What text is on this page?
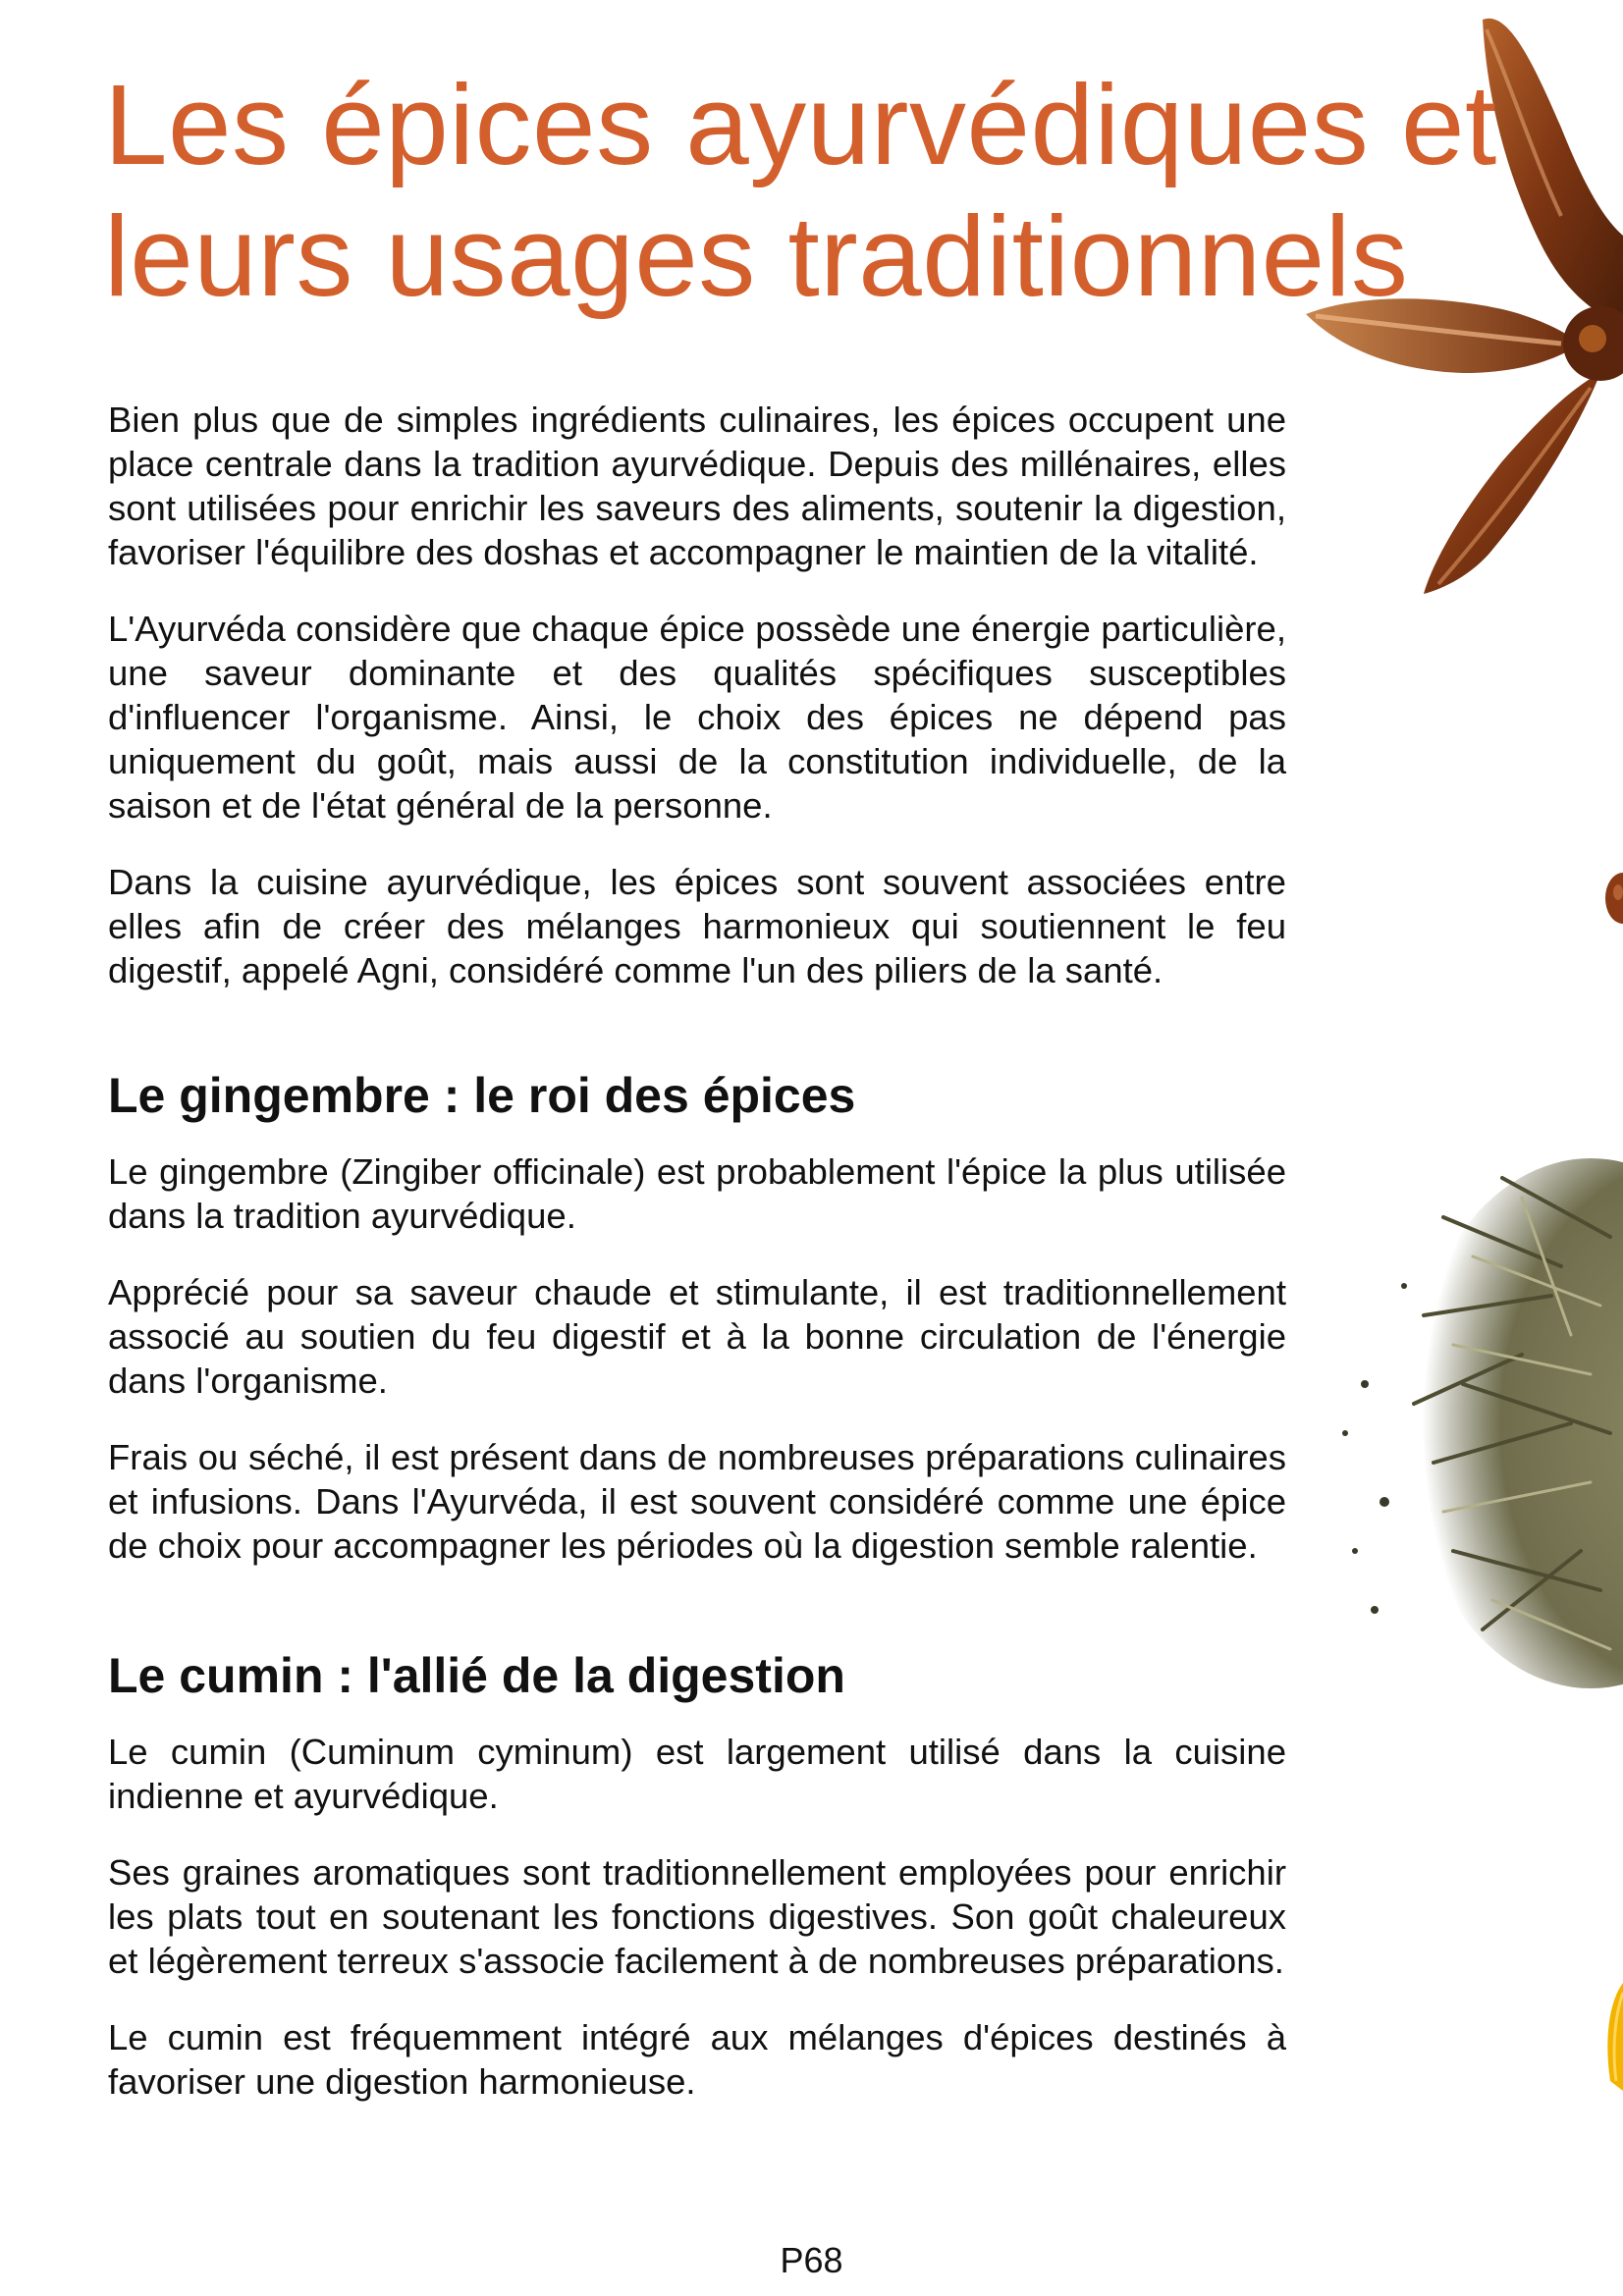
Les épices ayurvédiques et
leurs usages traditionnels

Bien plus que de simples ingrédients culinaires, les épices occupent une place centrale dans la tradition ayurvédique. Depuis des millénaires, elles sont utilisées pour enrichir les saveurs des aliments, soutenir la digestion, favoriser l'équilibre des doshas et accompagner le maintien de la vitalité.

L'Ayurvéda considère que chaque épice possède une énergie particulière, une saveur dominante et des qualités spécifiques susceptibles d'influencer l'organisme. Ainsi, le choix des épices ne dépend pas uniquement du goût, mais aussi de la constitution individuelle, de la saison et de l'état général de la personne.

Dans la cuisine ayurvédique, les épices sont souvent associées entre elles afin de créer des mélanges harmonieux qui soutiennent le feu digestif, appelé Agni, considéré comme l'un des piliers de la santé.

Le gingembre : le roi des épices

Le gingembre (Zingiber officinale) est probablement l'épice la plus utilisée dans la tradition ayurvédique.

Apprécié pour sa saveur chaude et stimulante, il est traditionnellement associé au soutien du feu digestif et à la bonne circulation de l'énergie dans l'organisme.

Frais ou séché, il est présent dans de nombreuses préparations culinaires et infusions. Dans l'Ayurvéda, il est souvent considéré comme une épice de choix pour accompagner les périodes où la digestion semble ralentie.

Le cumin : l'allié de la digestion

Le cumin (Cuminum cyminum) est largement utilisé dans la cuisine indienne et ayurvédique.

Ses graines aromatiques sont traditionnellement employées pour enrichir les plats tout en soutenant les fonctions digestives. Son goût chaleureux et légèrement terreux s'associe facilement à de nombreuses préparations.

Le cumin est fréquemment intégré aux mélanges d'épices destinés à favoriser une digestion harmonieuse.

P68
